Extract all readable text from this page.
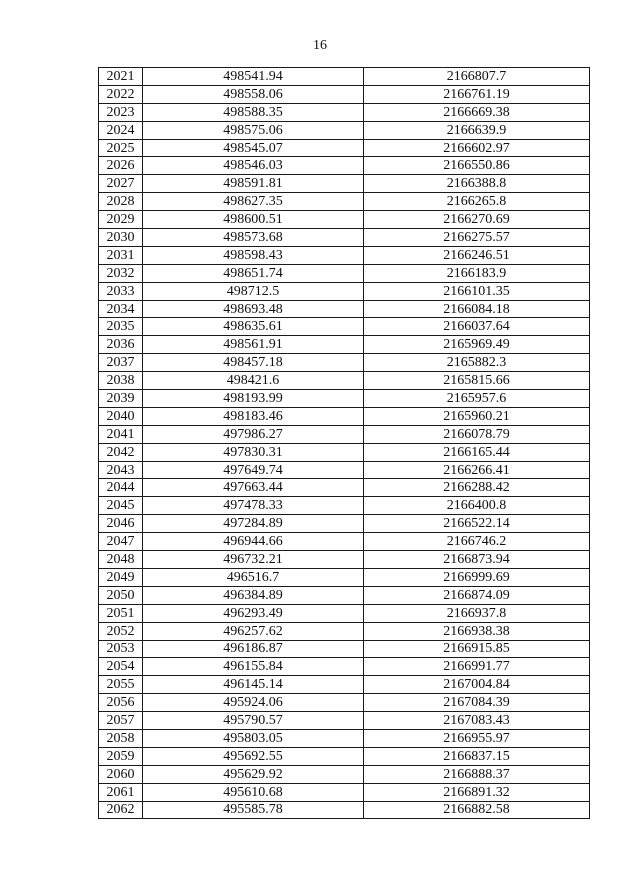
16
2021	498541.94	2166807.7
2022	498558.06	2166761.19
2023	498588.35	2166669.38
2024	498575.06	2166639.9
2025	498545.07	2166602.97
2026	498546.03	2166550.86
2027	498591.81	2166388.8
2028	498627.35	2166265.8
2029	498600.51	2166270.69
2030	498573.68	2166275.57
2031	498598.43	2166246.51
2032	498651.74	2166183.9
2033	498712.5	2166101.35
2034	498693.48	2166084.18
2035	498635.61	2166037.64
2036	498561.91	2165969.49
2037	498457.18	2165882.3
2038	498421.6	2165815.66
2039	498193.99	2165957.6
2040	498183.46	2165960.21
2041	497986.27	2166078.79
2042	497830.31	2166165.44
2043	497649.74	2166266.41
2044	497663.44	2166288.42
2045	497478.33	2166400.8
2046	497284.89	2166522.14
2047	496944.66	2166746.2
2048	496732.21	2166873.94
2049	496516.7	2166999.69
2050	496384.89	2166874.09
2051	496293.49	2166937.8
2052	496257.62	2166938.38
2053	496186.87	2166915.85
2054	496155.84	2166991.77
2055	496145.14	2167004.84
2056	495924.06	2167084.39
2057	495790.57	2167083.43
2058	495803.05	2166955.97
2059	495692.55	2166837.15
2060	495629.92	2166888.37
2061	495610.68	2166891.32
2062	495585.78	2166882.58
